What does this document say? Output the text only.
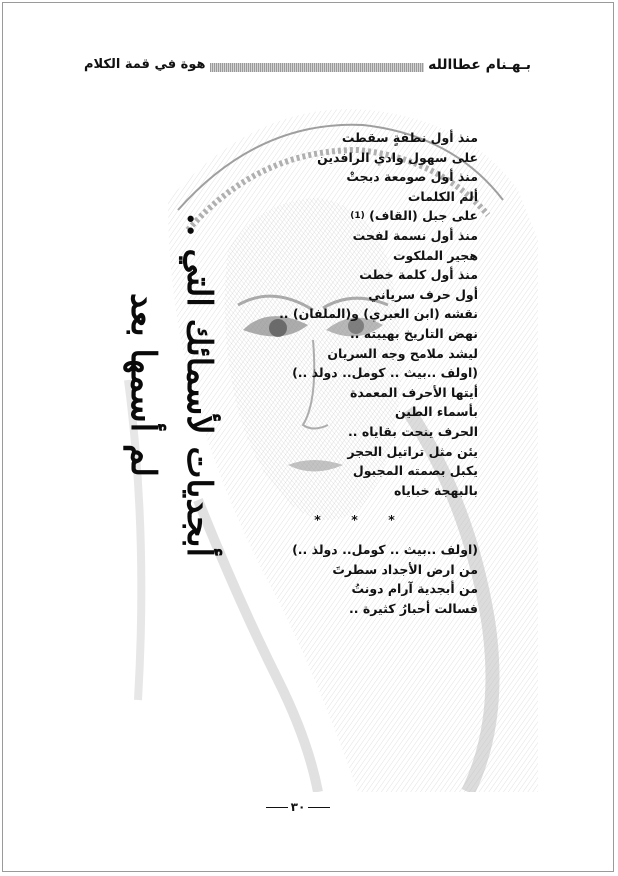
بـهـنام عطاالله
هوة في قمة الكلام
أبجديات لأسمائك التي ..
لم أسمها بعد
منذ أول نطفةٍ سقطت
على سهول وادي الرافدين
منذ أول صومعة دبجتْ
ألم الكلمات
على جبل (القاف) (1)
منذ أول نسمة لفحت
هجير الملكوت
منذ أول كلمة خطت
أول حرف سرياني
نقشه (ابن العبري) و(الملفان) ..
نهض التاريخ بهيبته ..
ليشد ملامح وجه السريان
(اولف ..بيث .. كومل.. دولذ ..)
أيتها الأحرف المعمدة
بأسماء الطين
الحرف ينحت بقاياه ..
يئن مثل تراتيل الحجر
يكبل بصمته المجبول
بالبهجة خباياه
***
(اولف ..بيث .. كومل.. دولذ ..)
من ارض الأجداد سطرتَ
من أبجدية آرام دونتُ
فسالت أحبارُ كثيرة ..
٣٠
